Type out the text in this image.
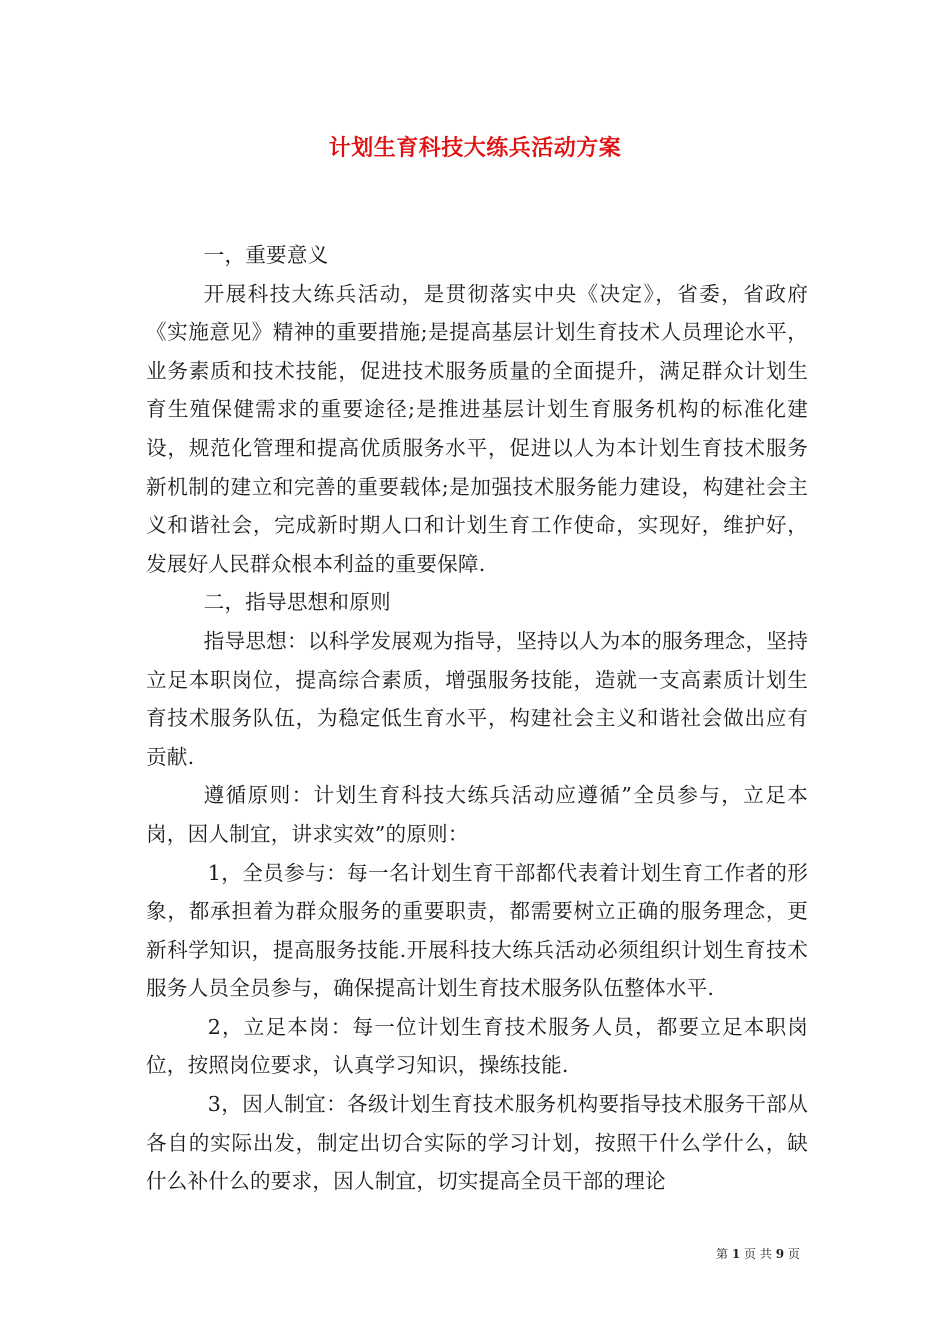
计划生育科技大练兵活动方案

一，重要意义

开展科技大练兵活动，是贯彻落实中央《决定》，省委，省政府《实施意见》精神的重要措施;是提高基层计划生育技术人员理论水平，业务素质和技术技能，促进技术服务质量的全面提升，满足群众计划生育生殖保健需求的重要途径;是推进基层计划生育服务机构的标准化建设，规范化管理和提高优质服务水平，促进以人为本计划生育技术服务新机制的建立和完善的重要载体;是加强技术服务能力建设，构建社会主义和谐社会，完成新时期人口和计划生育工作使命，实现好，维护好，发展好人民群众根本利益的重要保障.

二，指导思想和原则

指导思想：以科学发展观为指导，坚持以人为本的服务理念，坚持立足本职岗位，提高综合素质，增强服务技能，造就一支高素质计划生育技术服务队伍，为稳定低生育水平，构建社会主义和谐社会做出应有贡献.

遵循原则：计划生育科技大练兵活动应遵循”全员参与，立足本岗，因人制宜，讲求实效”的原则：

1，全员参与：每一名计划生育干部都代表着计划生育工作者的形象，都承担着为群众服务的重要职责，都需要树立正确的服务理念，更新科学知识，提高服务技能.开展科技大练兵活动必须组织计划生育技术服务人员全员参与，确保提高计划生育技术服务队伍整体水平.

2，立足本岗：每一位计划生育技术服务人员，都要立足本职岗位，按照岗位要求，认真学习知识，操练技能.

3，因人制宜：各级计划生育技术服务机构要指导技术服务干部从各自的实际出发，制定出切合实际的学习计划，按照干什么学什么，缺什么补什么的要求，因人制宜，切实提高全员干部的理论

第 1 页 共 9 页
